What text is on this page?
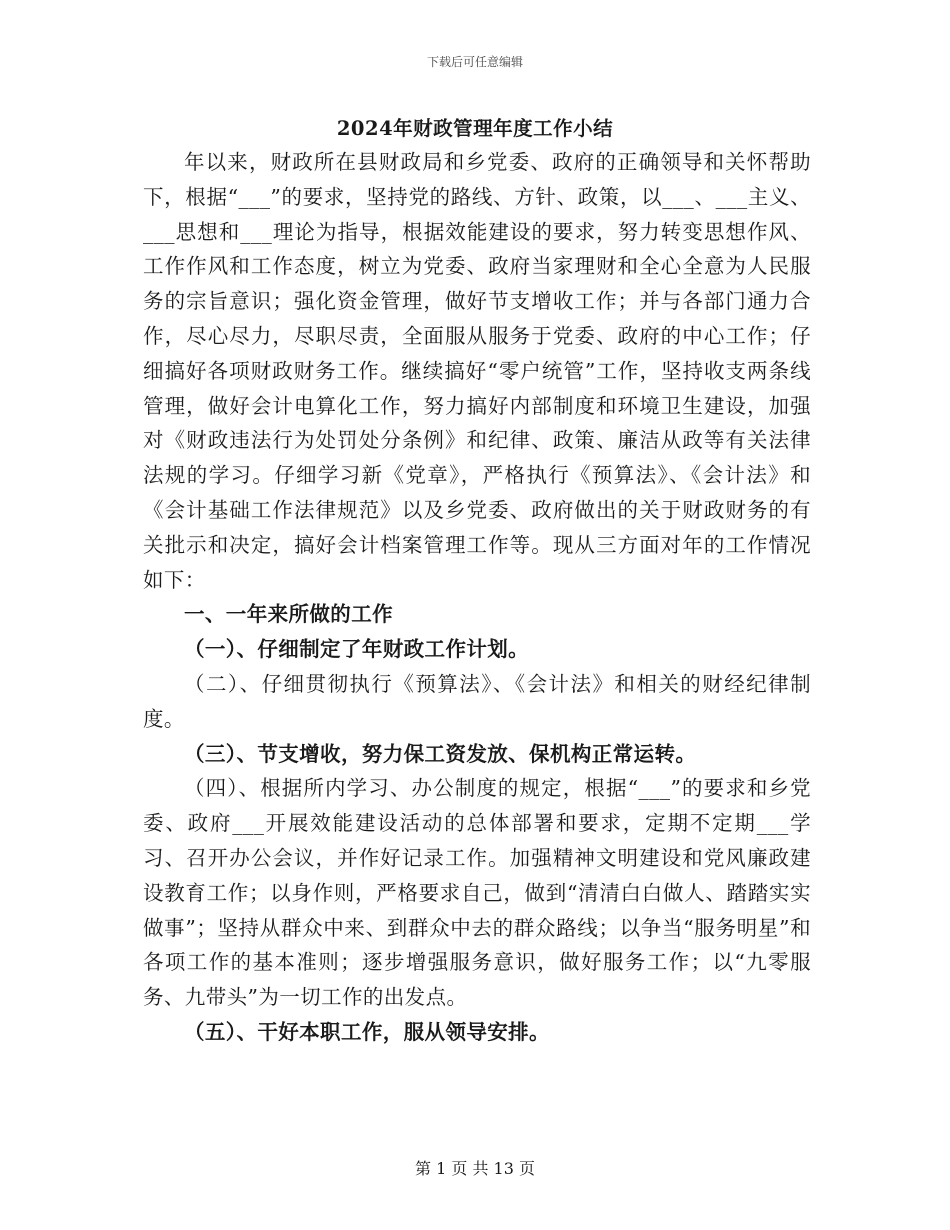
下载后可任意编辑
2024年财政管理年度工作小结

年以来，财政所在县财政局和乡党委、政府的正确领导和关怀帮助下，根据“___”的要求，坚持党的路线、方针、政策，以___、___主义、___思想和___理论为指导，根据效能建设的要求，努力转变思想作风、工作作风和工作态度，树立为党委、政府当家理财和全心全意为人民服务的宗旨意识；强化资金管理，做好节支增收工作；并与各部门通力合作，尽心尽力，尽职尽责，全面服从服务于党委、政府的中心工作；仔细搞好各项财政财务工作。继续搞好“零户统管”工作，坚持收支两条线管理，做好会计电算化工作，努力搞好内部制度和环境卫生建设，加强对《财政违法行为处罚处分条例》和纪律、政策、廉洁从政等有关法律法规的学习。仔细学习新《党章》，严格执行《预算法》、《会计法》和《会计基础工作法律规范》以及乡党委、政府做出的关于财政财务的有关批示和决定，搞好会计档案管理工作等。现从三方面对年的工作情况如下：

一、一年来所做的工作

（一）、仔细制定了年财政工作计划。

（二）、仔细贯彻执行《预算法》、《会计法》和相关的财经纪律制度。

（三）、节支增收，努力保工资发放、保机构正常运转。

（四）、根据所内学习、办公制度的规定，根据“___”的要求和乡党委、政府___开展效能建设活动的总体部署和要求，定期不定期___学习、召开办公会议，并作好记录工作。加强精神文明建设和党风廉政建设教育工作；以身作则，严格要求自己，做到“清清白白做人、踏踏实实做事”；坚持从群众中来、到群众中去的群众路线；以争当“服务明星”和各项工作的基本准则；逐步增强服务意识，做好服务工作；以“九零服务、九带头”为一切工作的出发点。

（五）、干好本职工作，服从领导安排。

第 1 页 共 13 页
